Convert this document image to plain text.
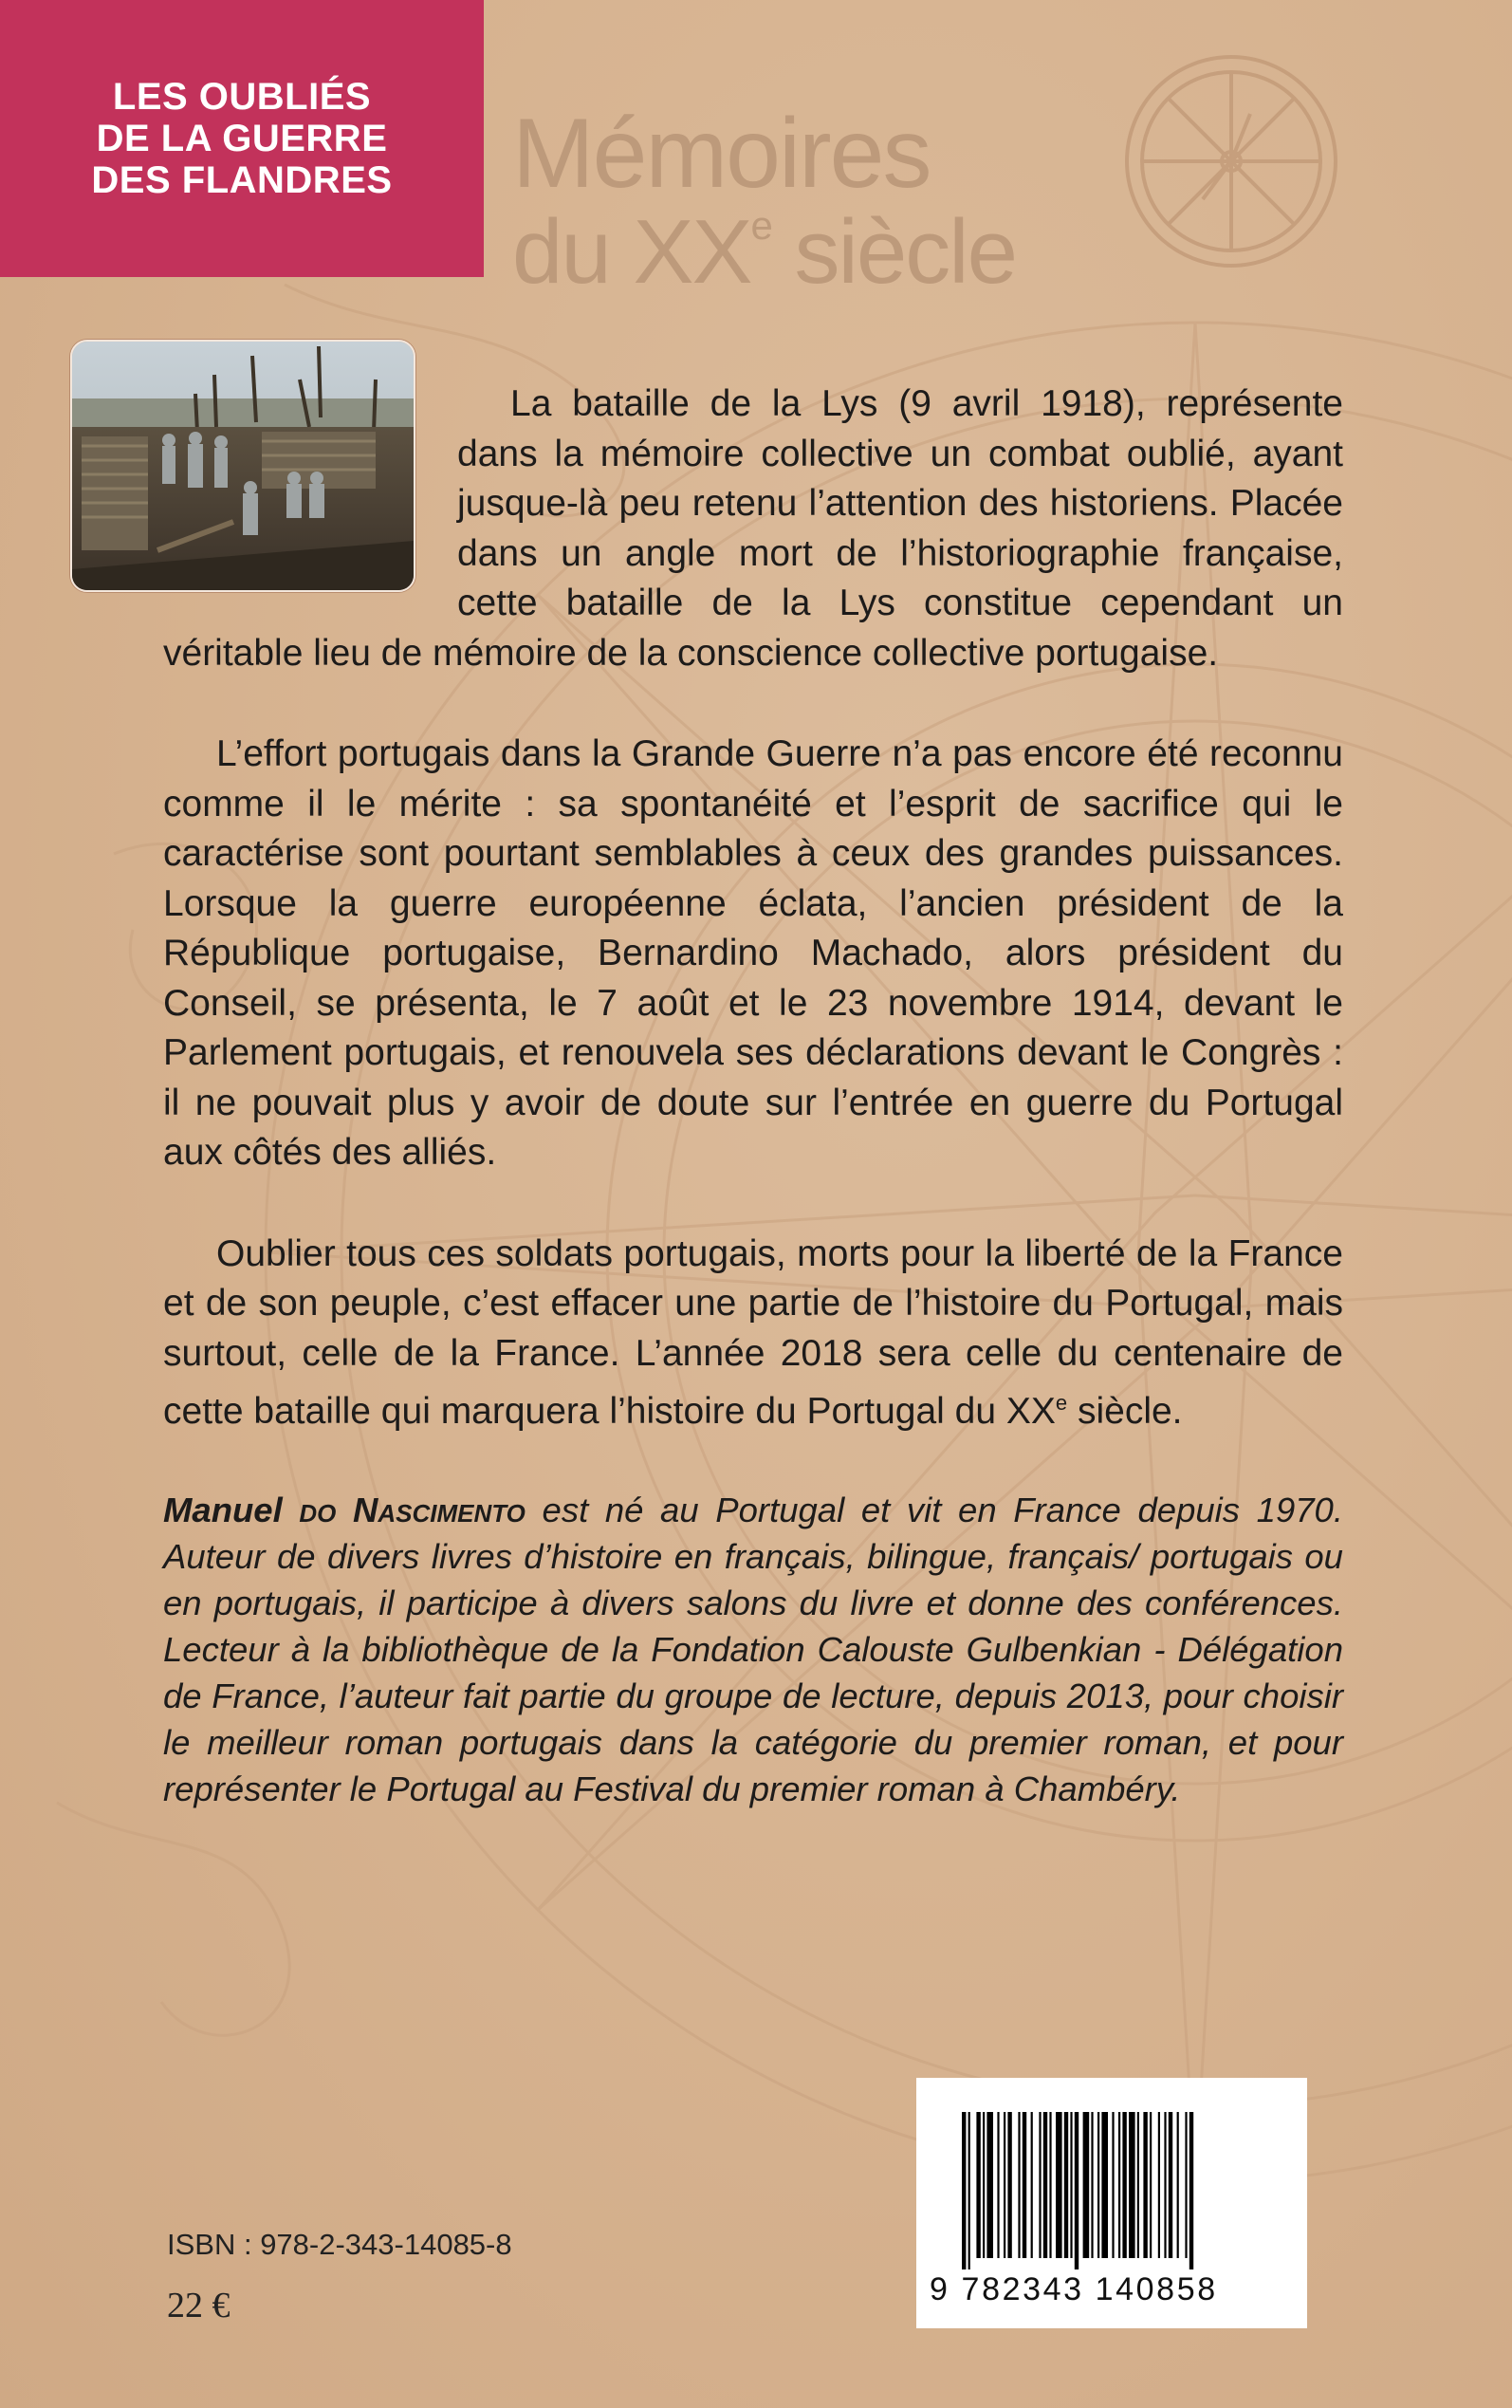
LES OUBLIÉS
DE LA GUERRE
DES FLANDRES Mémoires
du XXe siècle

La bataille de la Lys (9 avril 1918), représente dans la mémoire collective un combat oublié, ayant jusque-là peu retenu l’attention des historiens. Placée dans un angle mort de l’historiographie française, cette bataille de la Lys constitue cependant un véritable lieu de mémoire de la conscience collective portugaise.

L’effort portugais dans la Grande Guerre n’a pas encore été reconnu comme il le mérite : sa spontanéité et l’esprit de sacrifice qui le caractérise sont pourtant semblables à ceux des grandes puissances. Lorsque la guerre européenne éclata, l’ancien président de la République portugaise, Bernardino Machado, alors président du Conseil, se présenta, le 7 août et le 23 novembre 1914, devant le Parlement portugais, et renouvela ses déclarations devant le Congrès : il ne pouvait plus y avoir de doute sur l’entrée en guerre du Portugal aux côtés des alliés.

Oublier tous ces soldats portugais, morts pour la liberté de la France et de son peuple, c’est effacer une partie de l’histoire du Portugal, mais surtout, celle de la France. L’année 2018 sera celle du centenaire de cette bataille qui marquera l’histoire du Portugal du XXe siècle.

Manuel do Nascimento est né au Portugal et vit en France depuis 1970. Auteur de divers livres d’histoire en français, bilingue, français/ portugais ou en portugais, il participe à divers salons du livre et donne des conférences. Lecteur à la bibliothèque de la Fondation Calouste Gulbenkian - Délégation de France, l’auteur fait partie du groupe de lecture, depuis 2013, pour choisir le meilleur roman portugais dans la catégorie du premier roman, et pour représenter le Portugal au Festival du premier roman à Chambéry.

ISBN : 978-2-343-14085-8
22 €	9 782343 140858
